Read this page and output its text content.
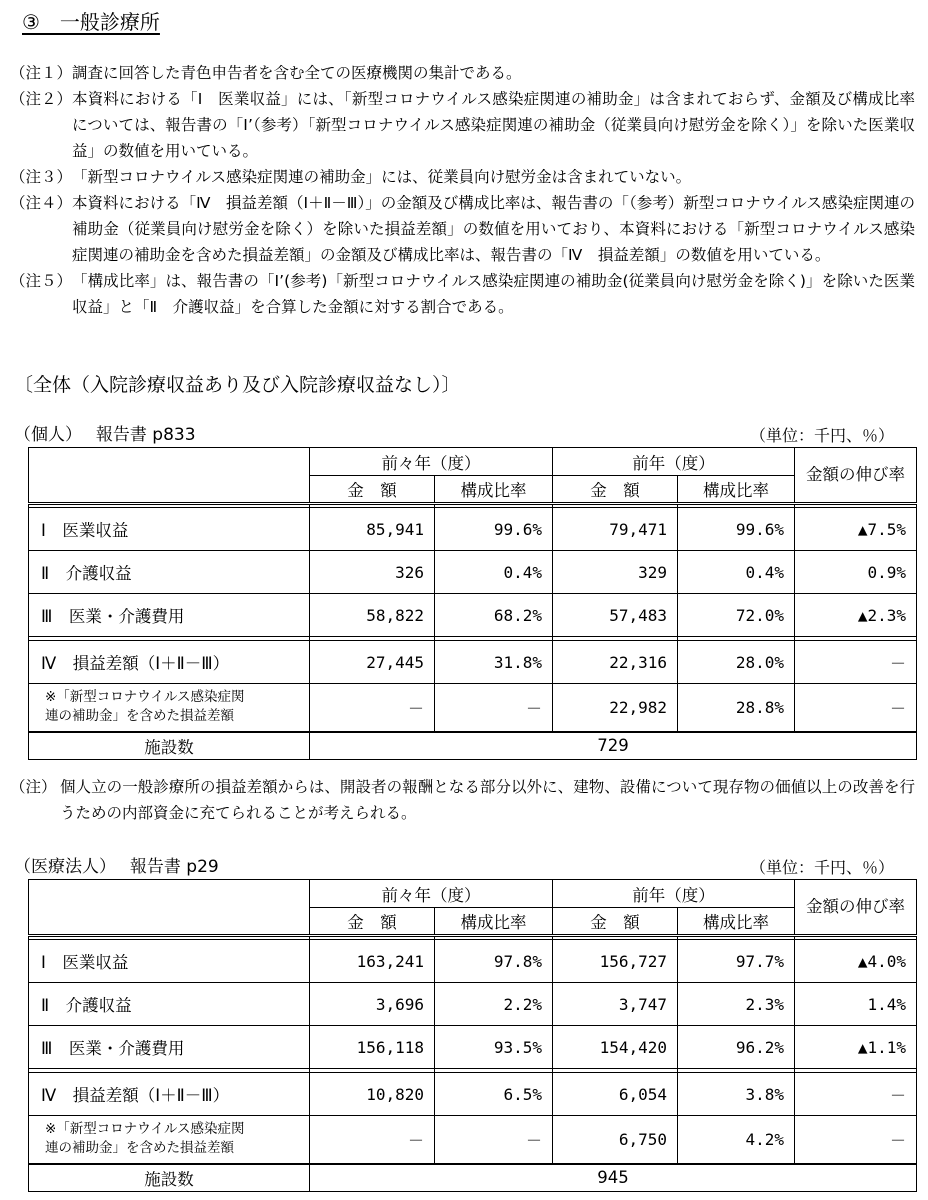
③　一般診療所
（注１） 調査に回答した青色申告者を含む全ての医療機関の集計である。
（注２） 本資料における「Ⅰ　医業収益」には、「新型コロナウイルス感染症関連の補助金」は含まれておらず、金額及び構成比率については、報告書の「Ⅰ’（参考）「新型コロナウイルス感染症関連の補助金（従業員向け慰労金を除く）」を除いた医業収益」の数値を用いている。
（注３） 「新型コロナウイルス感染症関連の補助金」には、従業員向け慰労金は含まれていない。
（注４） 本資料における「Ⅳ　損益差額（Ⅰ＋Ⅱ－Ⅲ）」の金額及び構成比率は、報告書の「（参考）新型コロナウイルス感染症関連の補助金（従業員向け慰労金を除く）を除いた損益差額」の数値を用いており、本資料における「新型コロナウイルス感染症関連の補助金を含めた損益差額」の金額及び構成比率は、報告書の「Ⅳ　損益差額」の数値を用いている。
（注５） 「構成比率」は、報告書の「Ⅰ’(参考)「新型コロナウイルス感染症関連の補助金(従業員向け慰労金を除く)」を除いた医業収益」と「Ⅱ　介護収益」を合算した金額に対する割合である。
〔全体（入院診療収益あり及び入院診療収益なし）〕
（個人）　 報告書 p833	（単位：千円、％）
	前々年（度）		前年（度）		金額の伸び率
	金　額	構成比率	金　額	構成比率	

Ⅰ　医業収益	85,941	99.6%	79,471	99.6%	▲7.5%
Ⅱ　介護収益	326	0.4%	329	0.4%	0.9%
Ⅲ　医業・介護費用	58,822	68.2%	57,483	72.0%	▲2.3%

Ⅳ　損益差額（Ⅰ＋Ⅱ－Ⅲ）	27,445	31.8%	22,316	28.0%	－
※「新型コロナウイルス感染症関
連の補助金」を含めた損益差額	－	－	22,982	28.8%	－
施設数	729				
（注） 個人立の一般診療所の損益差額からは、開設者の報酬となる部分以外に、建物、設備について現存物の価値以上の改善を行うための内部資金に充てられることが考えられる。
（医療法人）　 報告書 p29	（単位：千円、％）
	前々年（度）		前年（度）		金額の伸び率
	金　額	構成比率	金　額	構成比率	

Ⅰ　医業収益	163,241	97.8%	156,727	97.7%	▲4.0%
Ⅱ　介護収益	3,696	2.2%	3,747	2.3%	1.4%
Ⅲ　医業・介護費用	156,118	93.5%	154,420	96.2%	▲1.1%

Ⅳ　損益差額（Ⅰ＋Ⅱ－Ⅲ）	10,820	6.5%	6,054	3.8%	－
※「新型コロナウイルス感染症関
連の補助金」を含めた損益差額	－	－	6,750	4.2%	－
施設数	945				
